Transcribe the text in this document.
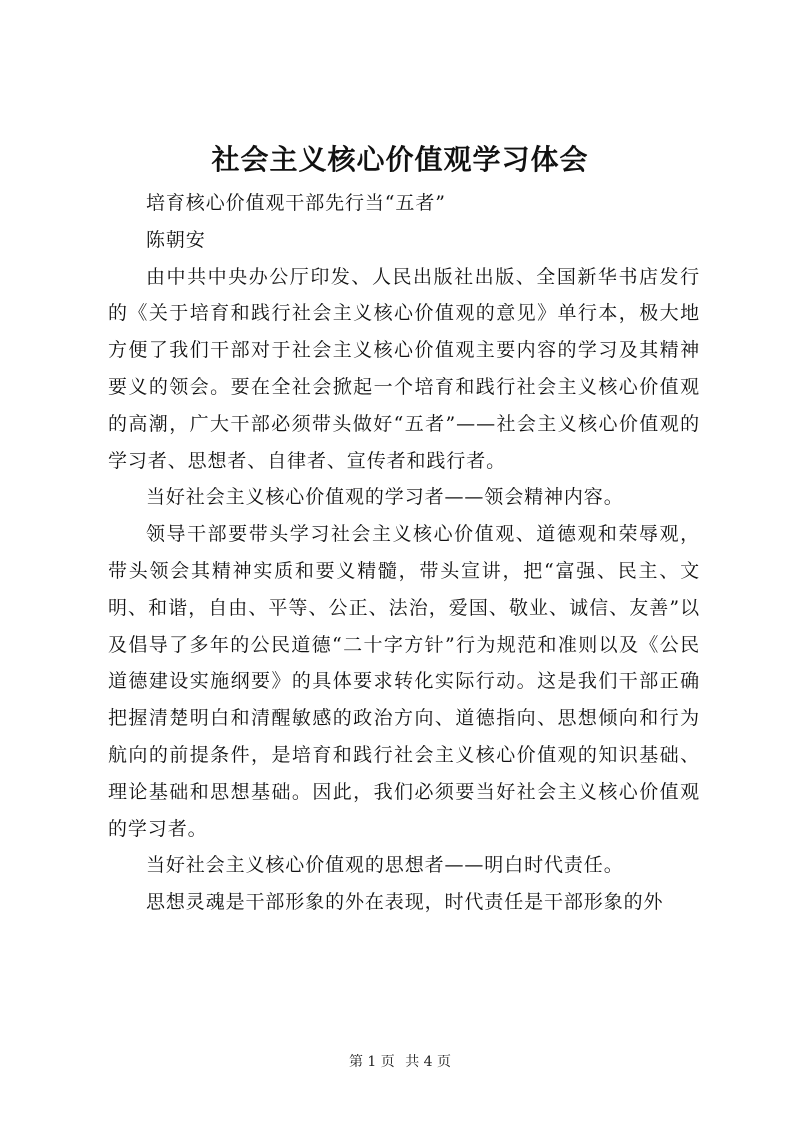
社会主义核心价值观学习体会

培育核心价值观干部先行当“五者”

陈朝安

由中共中央办公厅印发、人民出版社出版、全国新华书店发行的《关于培育和践行社会主义核心价值观的意见》单行本，极大地方便了我们干部对于社会主义核心价值观主要内容的学习及其精神要义的领会。要在全社会掀起一个培育和践行社会主义核心价值观的高潮，广大干部必须带头做好“五者”——社会主义核心价值观的学习者、思想者、自律者、宣传者和践行者。

当好社会主义核心价值观的学习者——领会精神内容。

领导干部要带头学习社会主义核心价值观、道德观和荣辱观，带头领会其精神实质和要义精髓，带头宣讲，把“富强、民主、文明、和谐，自由、平等、公正、法治，爱国、敬业、诚信、友善”以及倡导了多年的公民道德“二十字方针”行为规范和准则以及《公民道德建设实施纲要》的具体要求转化实际行动。这是我们干部正确把握清楚明白和清醒敏感的政治方向、道德指向、思想倾向和行为航向的前提条件，是培育和践行社会主义核心价值观的知识基础、理论基础和思想基础。因此，我们必须要当好社会主义核心价值观的学习者。

当好社会主义核心价值观的思想者——明白时代责任。

思想灵魂是干部形象的外在表现，时代责任是干部形象的外

第 1 页 共 4 页
